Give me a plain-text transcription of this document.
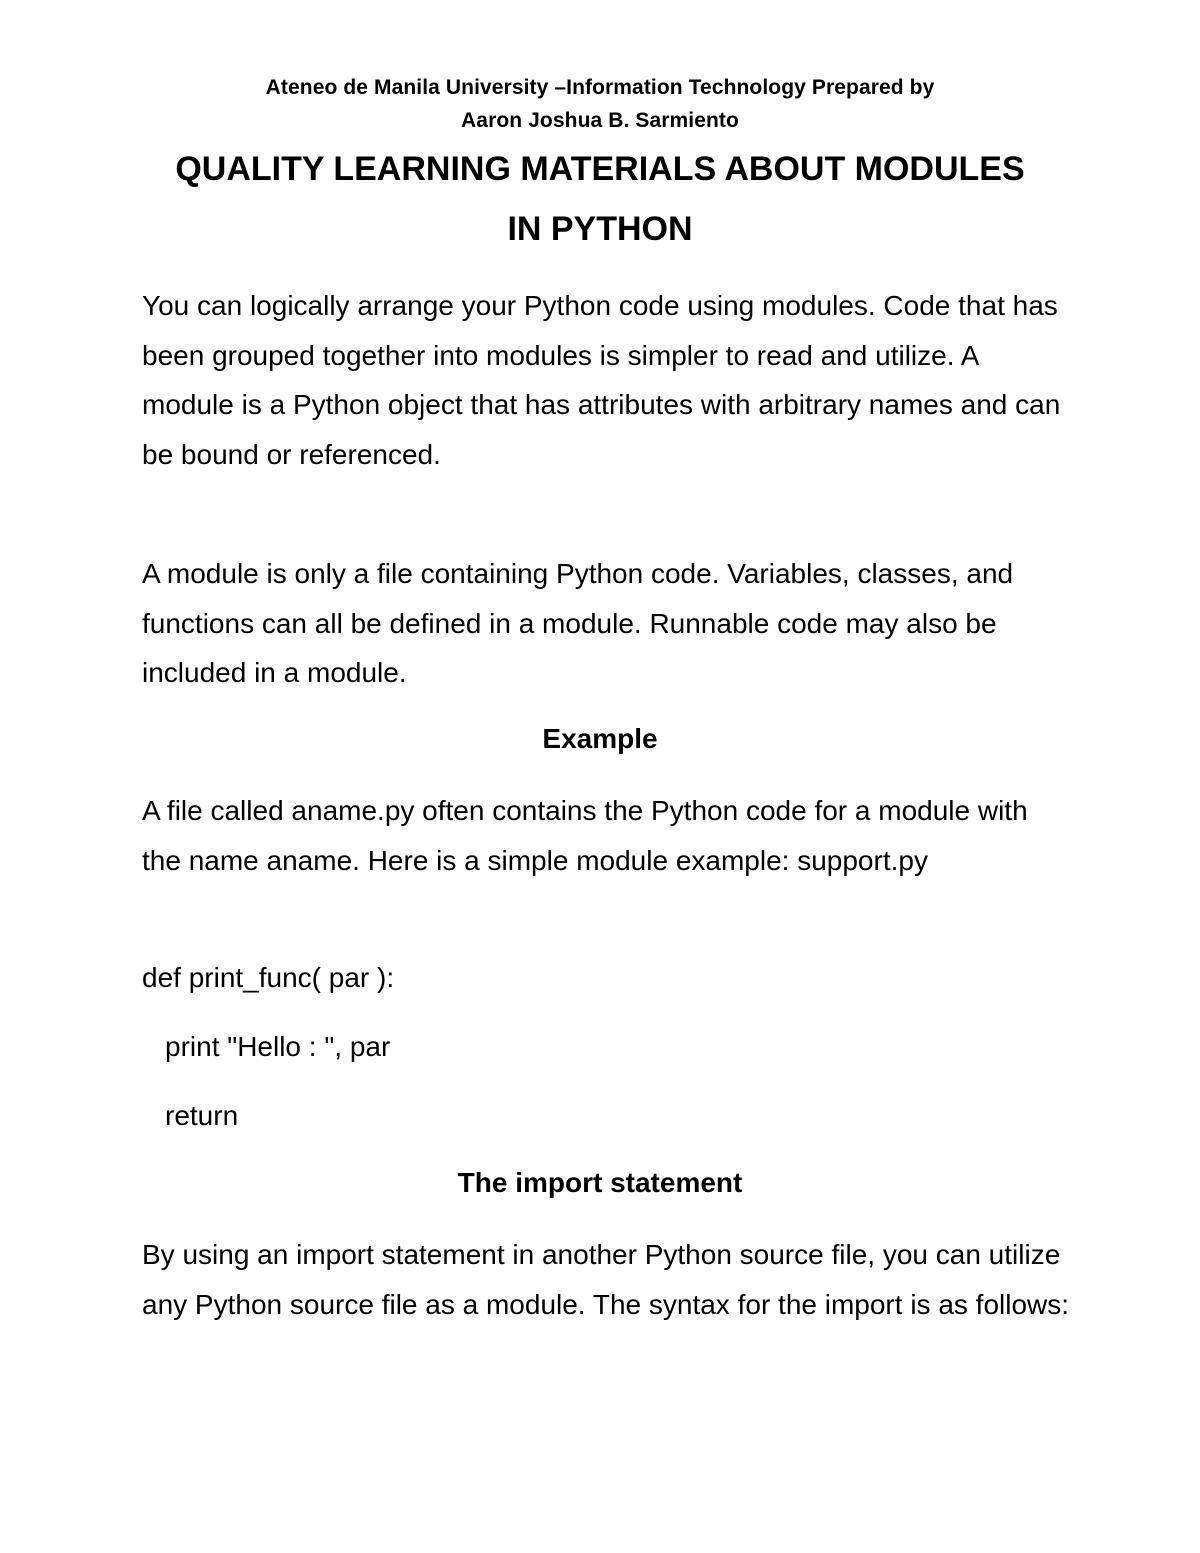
Ateneo de Manila University –Information Technology Prepared by
Aaron Joshua B. Sarmiento
QUALITY LEARNING MATERIALS ABOUT MODULES
IN PYTHON

You can logically arrange your Python code using modules. Code that has been grouped together into modules is simpler to read and utilize. A module is a Python object that has attributes with arbitrary names and can be bound or referenced.

A module is only a file containing Python code. Variables, classes, and functions can all be defined in a module. Runnable code may also be included in a module.

Example

A file called aname.py often contains the Python code for a module with the name aname. Here is a simple module example: support.py

def print_func( par ):

print "Hello : ", par

return

The import statement

By using an import statement in another Python source file, you can utilize any Python source file as a module. The syntax for the import is as follows:
